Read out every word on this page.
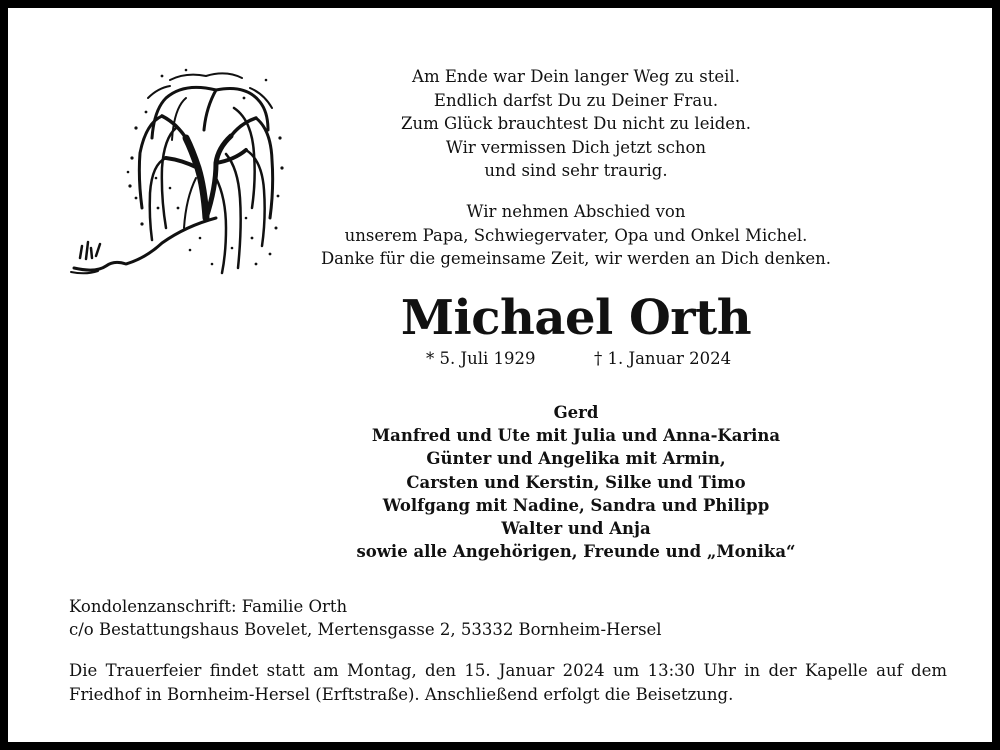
Am Ende war Dein langer Weg zu steil.
Endlich darfst Du zu Deiner Frau.
Zum Glück brauchtest Du nicht zu leiden.
Wir vermissen Dich jetzt schon
und sind sehr traurig.
Wir nehmen Abschied von
unserem Papa, Schwiegervater, Opa und Onkel Michel.
Danke für die gemeinsame Zeit, wir werden an Dich denken.
Michael Orth
* 5. Juli 1929	† 1. Januar 2024
Gerd
Manfred und Ute mit Julia und Anna-Karina
Günter und Angelika mit Armin,
Carsten und Kerstin, Silke und Timo
Wolfgang mit Nadine, Sandra und Philipp
Walter und Anja
sowie alle Angehörigen, Freunde und „Monika“
Kondolenzanschrift: Familie Orth
c/o Bestattungshaus Bovelet, Mertensgasse 2, 53332 Bornheim-Hersel
Die Trauerfeier findet statt am Montag, den 15. Januar 2024 um 13:30 Uhr in der Kapelle auf dem Friedhof in Bornheim-Hersel (Erftstraße). Anschließend erfolgt die Beisetzung.
